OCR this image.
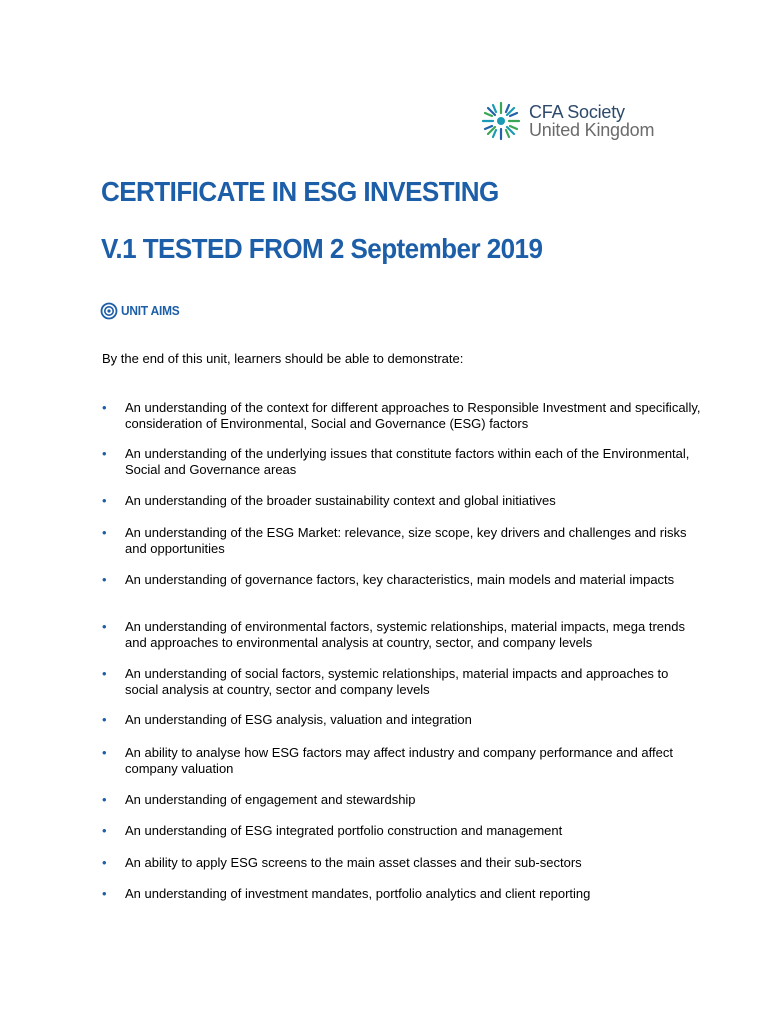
CFA Society
United Kingdom
CERTIFICATE IN ESG INVESTING
V.1 TESTED FROM 2 September 2019
UNIT AIMS

By the end of this unit, learners should be able to demonstrate:

• An understanding of the context for different approaches to Responsible Investment and specifically, consideration of Environmental, Social and Governance (ESG) factors
• An understanding of the underlying issues that constitute factors within each of the Environmental, Social and Governance areas
• An understanding of the broader sustainability context and global initiatives
• An understanding of the ESG Market: relevance, size scope, key drivers and challenges and risks and opportunities
• An understanding of governance factors, key characteristics, main models and material impacts
• An understanding of environmental factors, systemic relationships, material impacts, mega trends and approaches to environmental analysis at country, sector, and company levels
• An understanding of social factors, systemic relationships, material impacts and approaches to social analysis at country, sector and company levels
• An understanding of ESG analysis, valuation and integration
• An ability to analyse how ESG factors may affect industry and company performance and affect company valuation
• An understanding of engagement and stewardship
• An understanding of ESG integrated portfolio construction and management
• An ability to apply ESG screens to the main asset classes and their sub-sectors
• An understanding of investment mandates, portfolio analytics and client reporting
